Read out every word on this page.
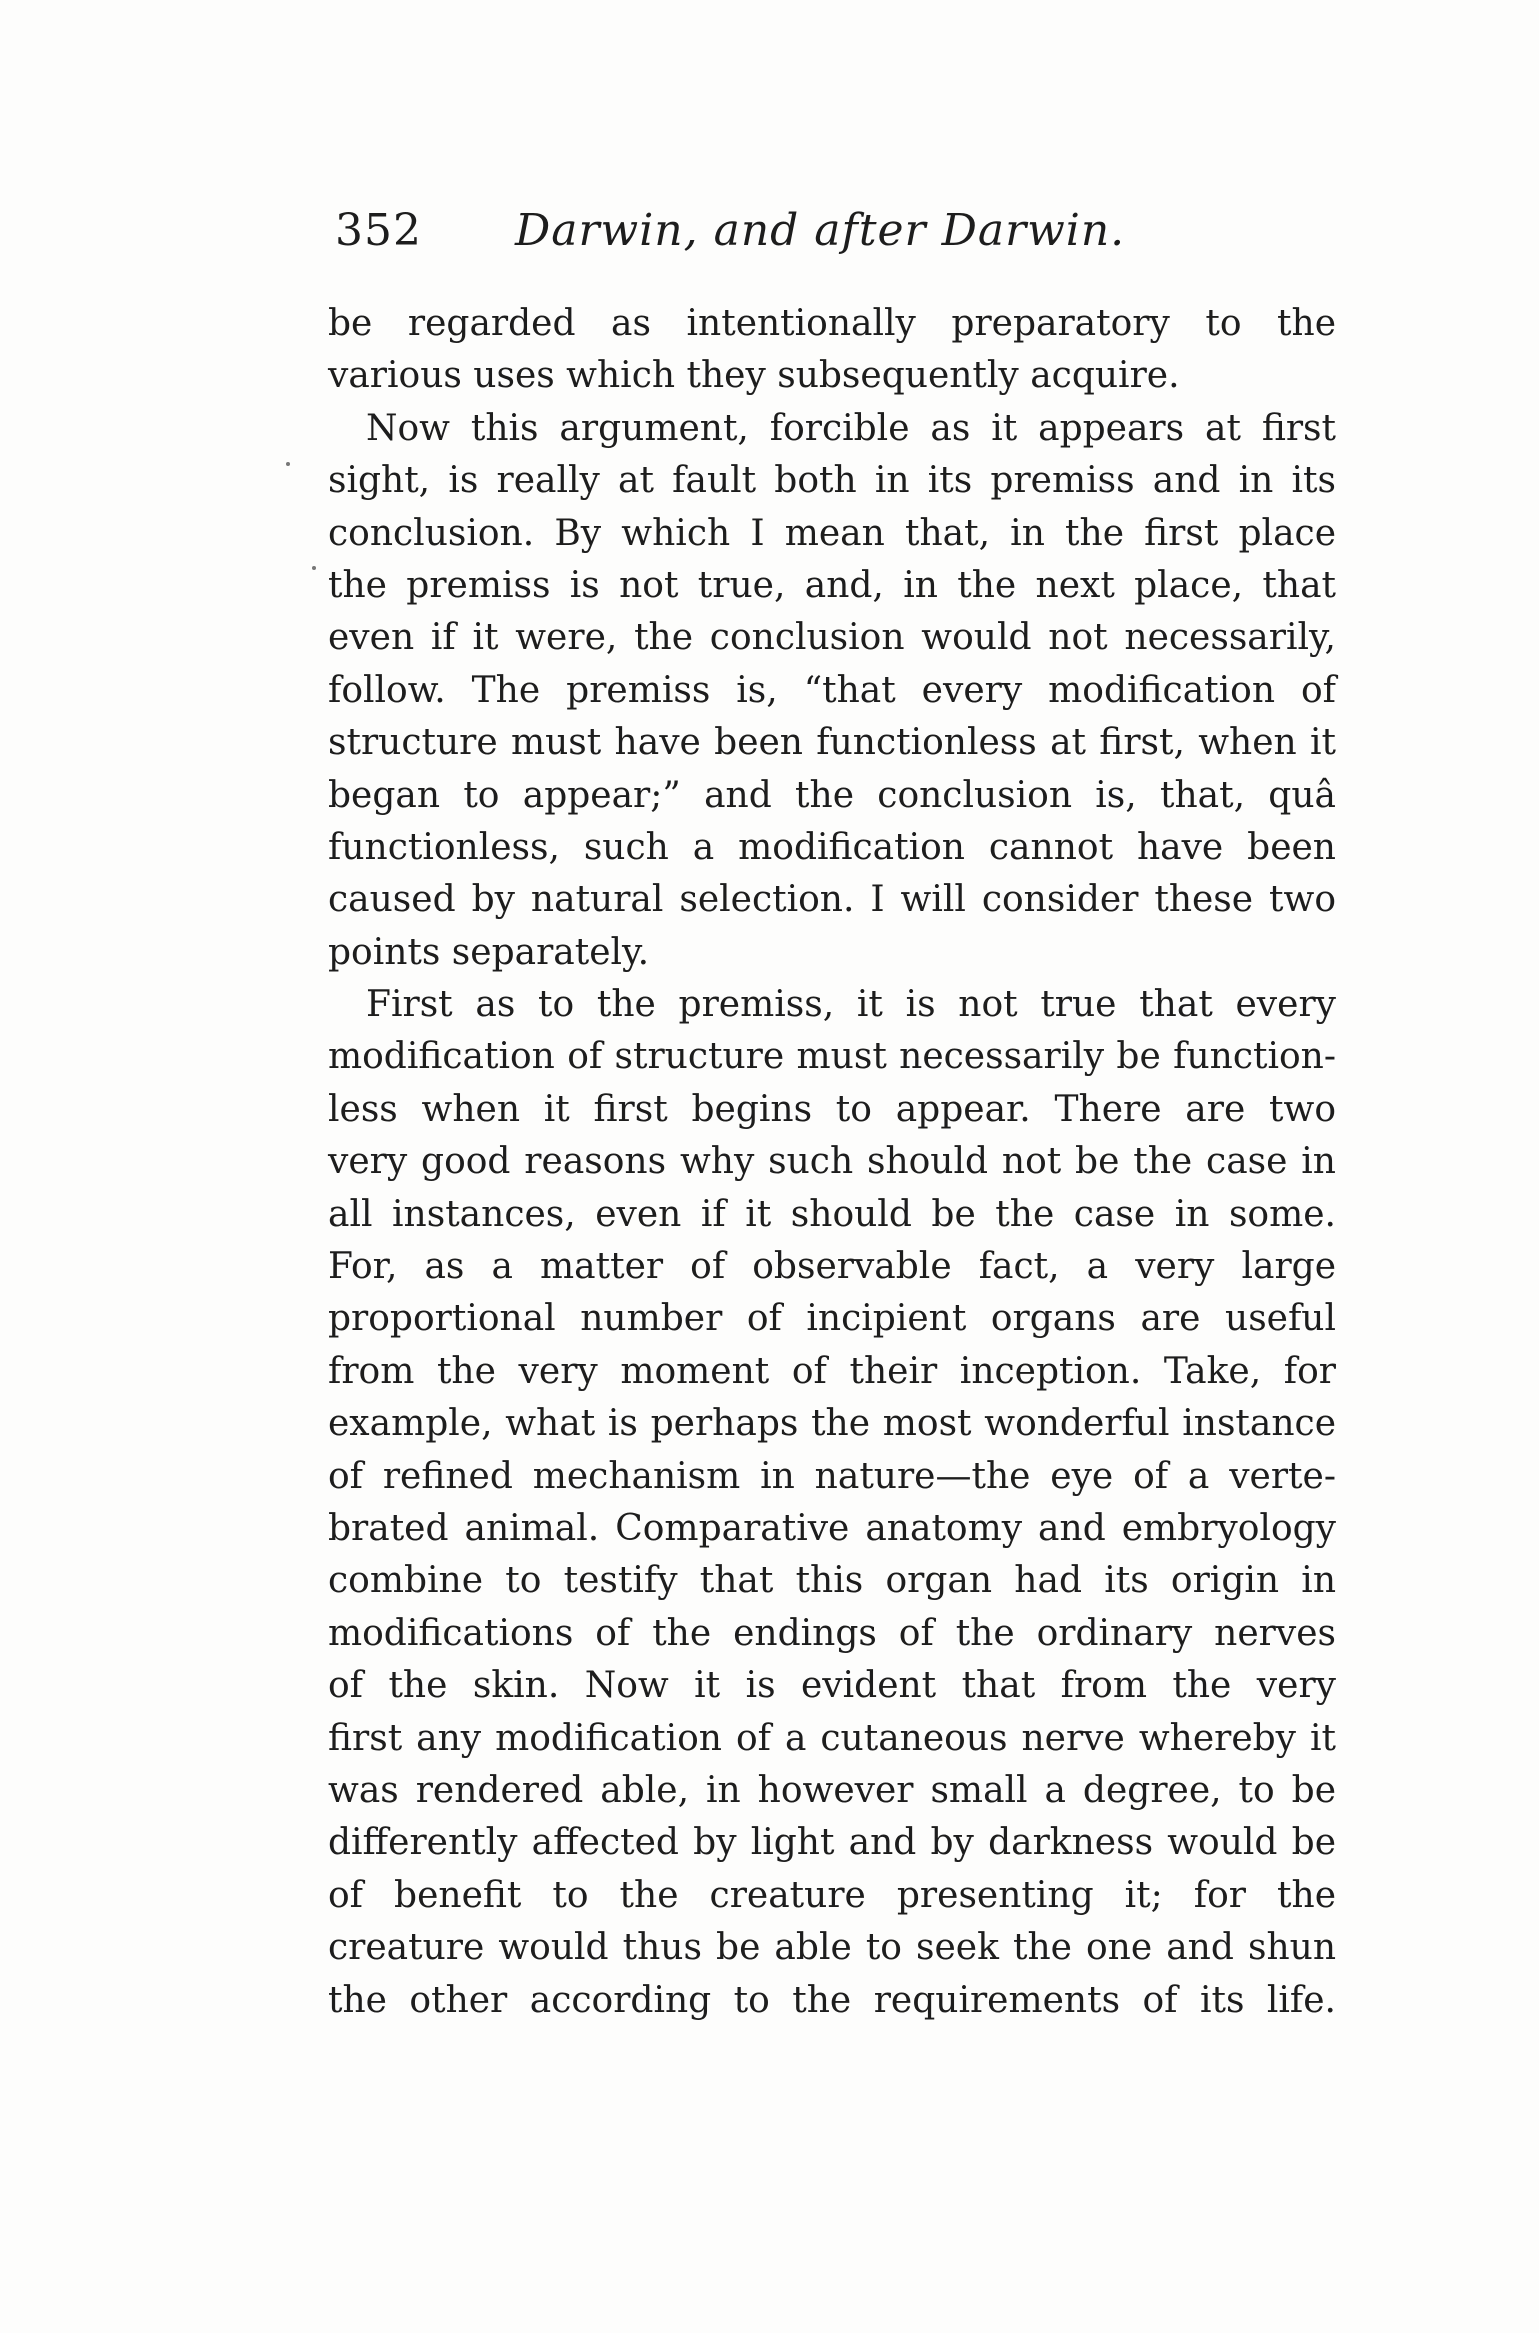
352 Darwin, and after Darwin.
be regarded as intentionally preparatory to the
various uses which they subsequently acquire.
Now this argument, forcible as it appears at first
sight, is really at fault both in its premiss and in its
conclusion. By which I mean that, in the first place
the premiss is not true, and, in the next place, that
even if it were, the conclusion would not necessarily,
follow. The premiss is, “that every modification of
structure must have been functionless at first, when it
began to appear;” and the conclusion is, that, quâ
functionless, such a modification cannot have been
caused by natural selection. I will consider these two
points separately.
First as to the premiss, it is not true that every
modification of structure must necessarily be function-
less when it first begins to appear. There are two
very good reasons why such should not be the case in
all instances, even if it should be the case in some.
For, as a matter of observable fact, a very large
proportional number of incipient organs are useful
from the very moment of their inception. Take, for
example, what is perhaps the most wonderful instance
of refined mechanism in nature—the eye of a verte-
brated animal. Comparative anatomy and embryology
combine to testify that this organ had its origin in
modifications of the endings of the ordinary nerves
of the skin. Now it is evident that from the very
first any modification of a cutaneous nerve whereby it
was rendered able, in however small a degree, to be
differently affected by light and by darkness would be
of benefit to the creature presenting it; for the
creature would thus be able to seek the one and shun
the other according to the requirements of its life.
